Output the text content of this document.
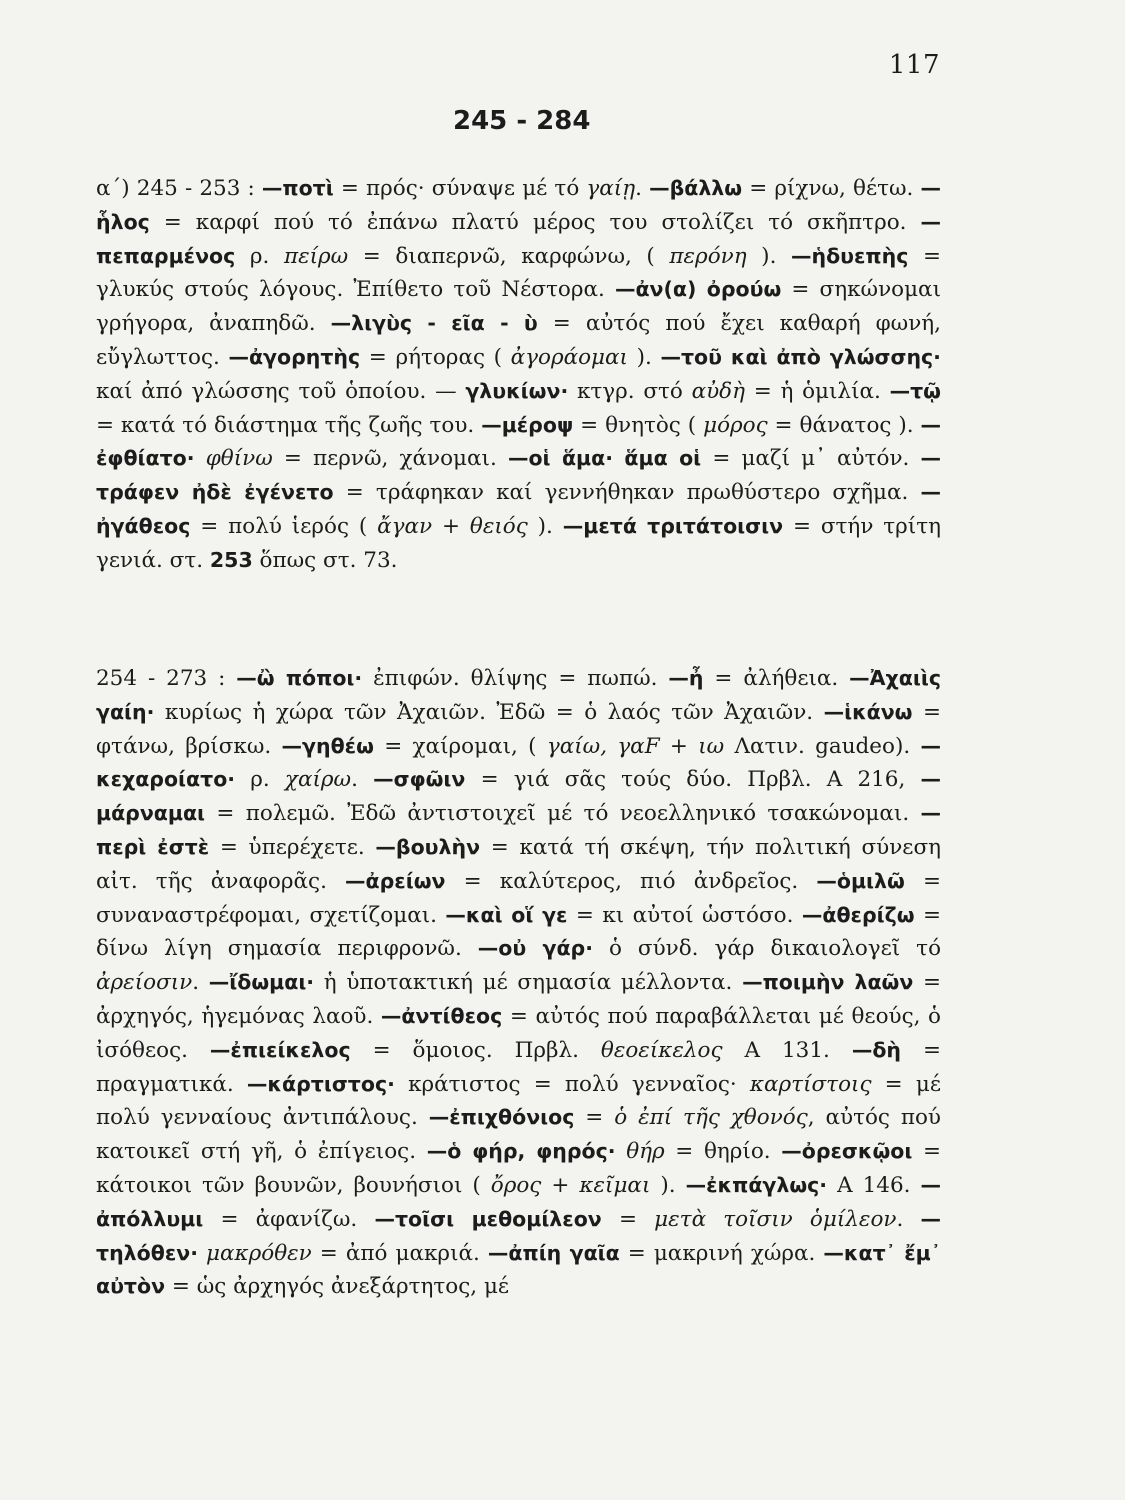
117
245 - 284

α΄) 245 - 253 : —ποτὶ = πρός· σύναψε μέ τό γαίῃ. —βάλλω = ρίχνω, θέτω. —ἧλος = καρφί πού τό ἐπάνω πλατύ μέρος του στολίζει τό σκῆπτρο. —πεπαρμένος ρ. πείρω = διαπερνῶ, καρφώνω, ( περόνη ). —ἡδυεπὴς = γλυκύς στούς λόγους. Ἐπίθετο τοῦ Νέστορα. —ἀν(α) ὀρούω = σηκώνομαι γρήγορα, ἀναπηδῶ. —λιγὺς - εῖα - ὺ = αὐτός πού ἔχει καθαρή φωνή, εὔγλωττος. —ἀγορητὴς = ρήτορας ( ἀγοράομαι ). —τοῦ καὶ ἀπὸ γλώσσης· καί ἀπό γλώσσης τοῦ ὁποίου. — γλυκίων· κτγρ. στό αὐδὴ = ἡ ὁμιλία. —τῷ = κατά τό διάστημα τῆς ζωῆς του. —μέροψ = θνητὸς ( μόρος = θάνατος ). —ἐφθίατο· φθίνω = περνῶ, χάνομαι. —οἱ ἅμα· ἅμα οἱ = μαζί μ᾽ αὐτόν. —τράφεν ἠδὲ ἐγένετο = τράφηκαν καί γεννήθηκαν πρωθύστερο σχῆμα. —ἠγάθεος = πολύ ἱερός ( ἄγαν + θειός ). —μετά τριτάτοισιν = στήν τρίτη γενιά. στ. 253 ὅπως στ. 73.

254 - 273 : —ὢ πόποι· ἐπιφών. θλίψης = πωπώ. —ἦ = ἀλήθεια. —Ἀχαιὶς γαίη· κυρίως ἡ χώρα τῶν Ἀχαιῶν. Ἐδῶ = ὁ λαός τῶν Ἀχαιῶν. —ἱκάνω = φτάνω, βρίσκω. —γηθέω = χαίρομαι, ( γαίω, γαF + ιω Λατιν. gaudeo). —κεχαροίατο· ρ. χαίρω. —σφῶιν = γιά σᾶς τούς δύο. Πρβλ. Α 216, —μάρναμαι = πολεμῶ. Ἐδῶ ἀντιστοιχεῖ μέ τό νεοελληνικό τσακώνομαι. —περὶ ἐστὲ = ὑπερέχετε. —βουλὴν = κατά τή σκέψη, τήν πολιτική σύνεση αἰτ. τῆς ἀναφορᾶς. —ἀρείων = καλύτερος, πιό ἀνδρεῖος. —ὁμιλῶ = συναναστρέφομαι, σχετίζομαι. —καὶ οἵ γε = κι αὐτοί ὡστόσο. —ἀθερίζω = δίνω λίγη σημασία περιφρονῶ. —οὐ γάρ· ὁ σύνδ. γάρ δικαιολογεῖ τό ἀρείοσιν. —ἴδωμαι· ἡ ὑποτακτική μέ σημασία μέλλοντα. —ποιμὴν λαῶν = ἀρχηγός, ἡγεμόνας λαοῦ. —ἀντίθεος = αὐτός πού παραβάλλεται μέ θεούς, ὁ ἰσόθεος. —ἐπιείκελος = ὅμοιος. Πρβλ. θεοείκελος Α 131. —δὴ = πραγματικά. —κάρτιστος· κράτιστος = πολύ γενναῖος· καρτίστοις = μέ πολύ γενναίους ἀντιπάλους. —ἐπιχθόνιος = ὁ ἐπί τῆς χθονός, αὐτός πού κατοικεῖ στή γῆ, ὁ ἐπίγειος. —ὁ φήρ, φηρός· θήρ = θηρίο. —ὀρεσκῷοι = κάτοικοι τῶν βουνῶν, βουνήσιοι ( ὄρος + κεῖμαι ). —ἐκπάγλως· Α 146. —ἀπόλλυμι = ἀφανίζω. —τοῖσι μεθομίλεον = μετὰ τοῖσιν ὁμίλεον. —τηλόθεν· μακρόθεν = ἀπό μακριά. —ἀπίη γαῖα = μακρινή χώρα. —κατ᾽ ἔμ᾽ αὐτὸν = ὡς ἀρχηγός ἀνεξάρτητος, μέ
